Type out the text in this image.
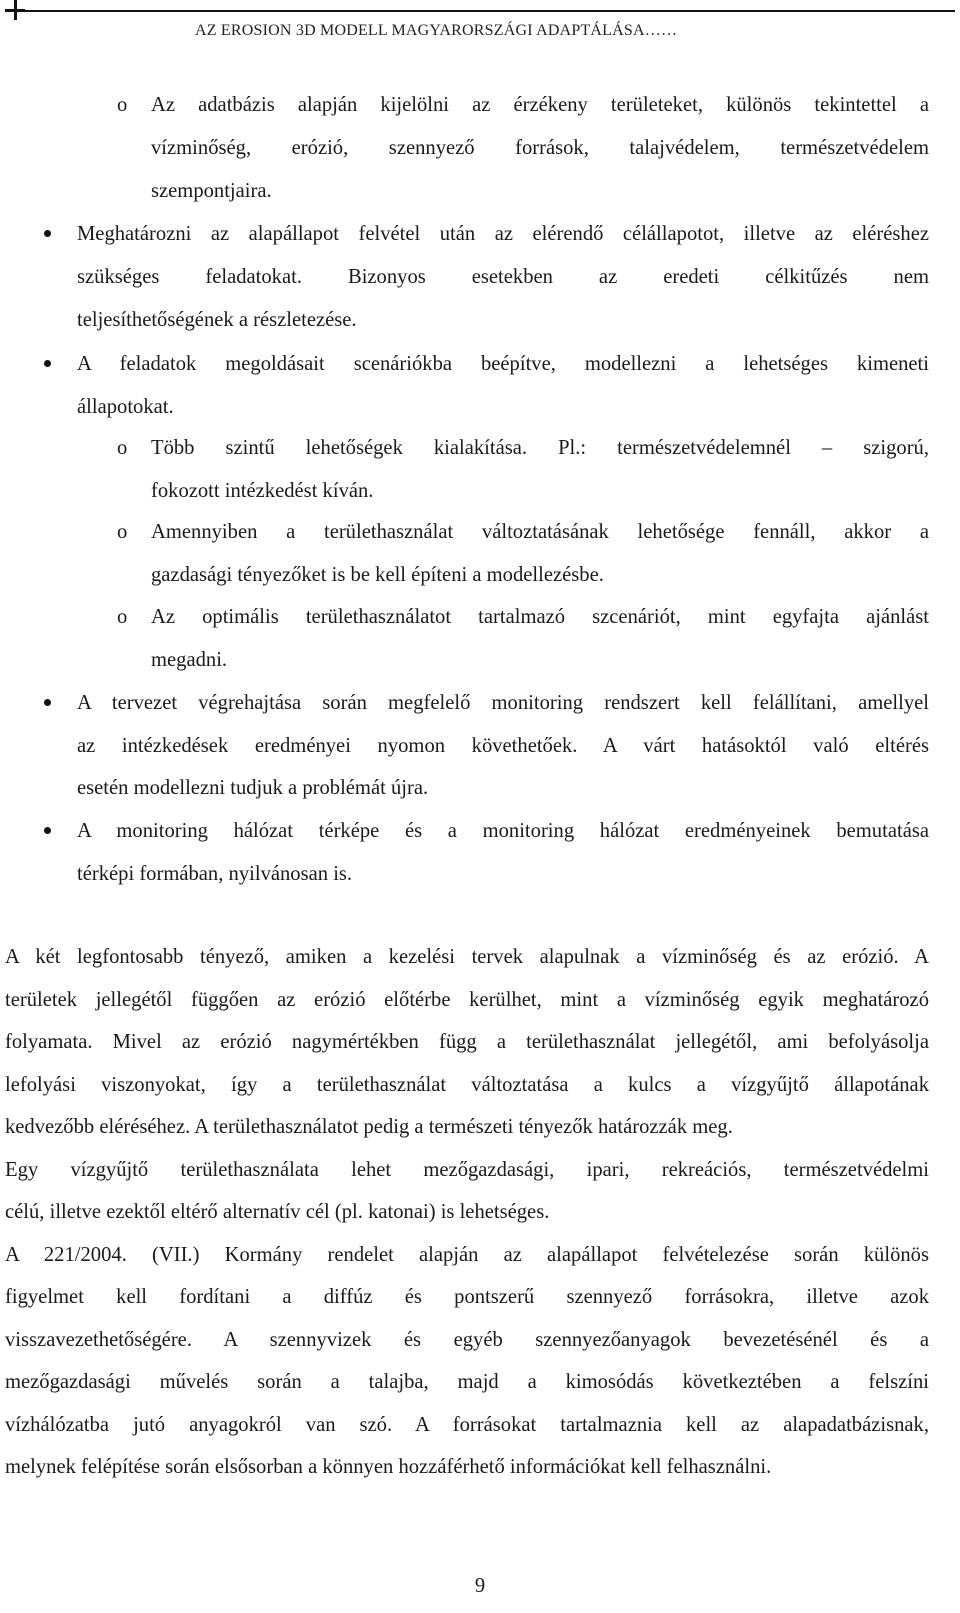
AZ EROSION 3D MODELL MAGYARORSZÁGI ADAPTÁLÁSA……
o Az adatbázis alapján kijelölni az érzékeny területeket, különös tekintettel a
vízminőség, erózió, szennyező források, talajvédelem, természetvédelem
szempontjaira.
Meghatározni az alapállapot felvétel után az elérendő célállapotot, illetve az eléréshez
szükséges feladatokat. Bizonyos esetekben az eredeti célkitűzés nem
teljesíthetőségének a részletezése.
A feladatok megoldásait scenáriókba beépítve, modellezni a lehetséges kimeneti
állapotokat.
o Több szintű lehetőségek kialakítása. Pl.: természetvédelemnél – szigorú,
fokozott intézkedést kíván.
o Amennyiben a területhasználat változtatásának lehetősége fennáll, akkor a
gazdasági tényezőket is be kell építeni a modellezésbe.
o Az optimális területhasználatot tartalmazó szcenáriót, mint egyfajta ajánlást
megadni.
A tervezet végrehajtása során megfelelő monitoring rendszert kell felállítani, amellyel
az intézkedések eredményei nyomon követhetőek. A várt hatásoktól való eltérés
esetén modellezni tudjuk a problémát újra.
A monitoring hálózat térképe és a monitoring hálózat eredményeinek bemutatása
térképi formában, nyilvánosan is.
A két legfontosabb tényező, amiken a kezelési tervek alapulnak a vízminőség és az erózió. A
területek jellegétől függően az erózió előtérbe kerülhet, mint a vízminőség egyik meghatározó
folyamata. Mivel az erózió nagymértékben függ a területhasználat jellegétől, ami befolyásolja
lefolyási viszonyokat, így a területhasználat változtatása a kulcs a vízgyűjtő állapotának
kedvezőbb eléréséhez. A területhasználatot pedig a természeti tényezők határozzák meg.
Egy vízgyűjtő területhasználata lehet mezőgazdasági, ipari, rekreációs, természetvédelmi
célú, illetve ezektől eltérő alternatív cél (pl. katonai) is lehetséges.
A 221/2004. (VII.) Kormány rendelet alapján az alapállapot felvételezése során különös
figyelmet kell fordítani a diffúz és pontszerű szennyező forrásokra, illetve azok
visszavezethetőségére. A szennyvizek és egyéb szennyezőanyagok bevezetésénél és a
mezőgazdasági művelés során a talajba, majd a kimosódás következtében a felszíni
vízhálózatba jutó anyagokról van szó. A forrásokat tartalmaznia kell az alapadatbázisnak,
melynek felépítése során elsősorban a könnyen hozzáférhető információkat kell felhasználni.
9
